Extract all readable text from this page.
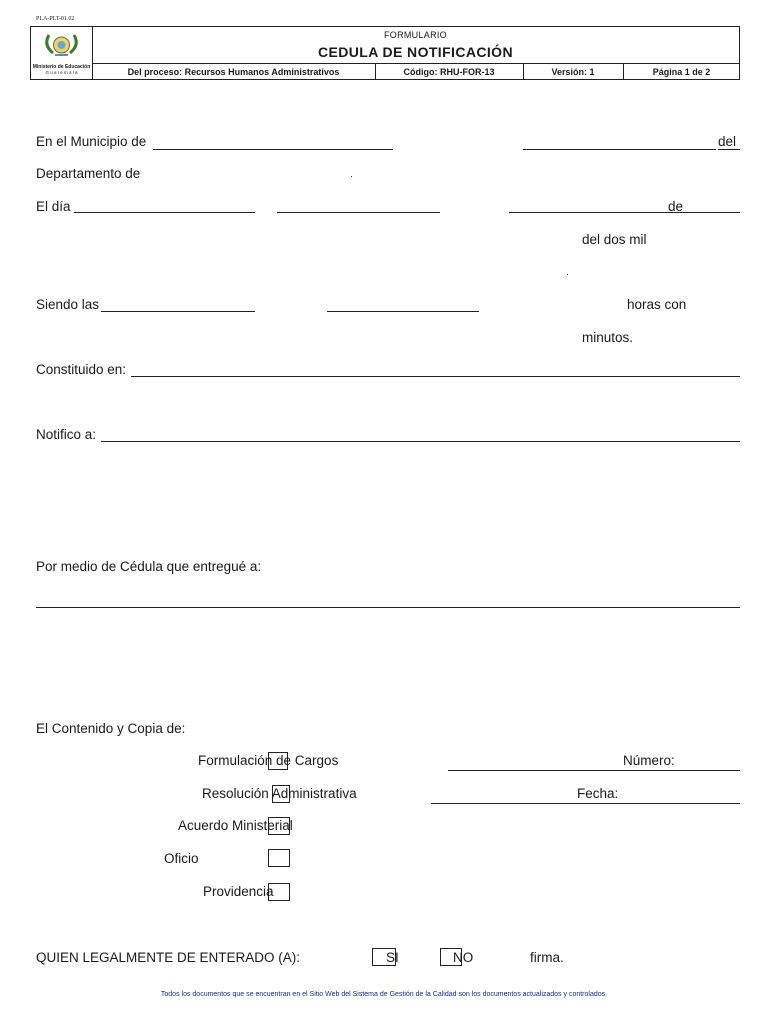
PLA-PLT-01.02
Ministerio de Educación
G u a t e m a l a
FORMULARIO
CEDULA DE NOTIFICACIÓN
Del proceso: Recursos Humanos Administrativos	Código: RHU-FOR-13	Versión: 1	Página 1 de 2
En el Municipio de	del
Departamento de
El día	de
del dos mil
Siendo las	horas con
minutos.
Constituido en:
Notifico a:
Por medio de Cédula que entregué a:
El Contenido y Copia de:
Formulación de Cargos	Número:
Resolución Administrativa	Fecha:
Acuerdo Ministerial
Oficio
Providencia
QUIEN LEGALMENTE DE ENTERADO (A):	SI	NO	firma.
Todos los documentos que se encuentran en el Sitio Web del Sistema de Gestión de la Calidad son los documentos actualizados y controlados.
